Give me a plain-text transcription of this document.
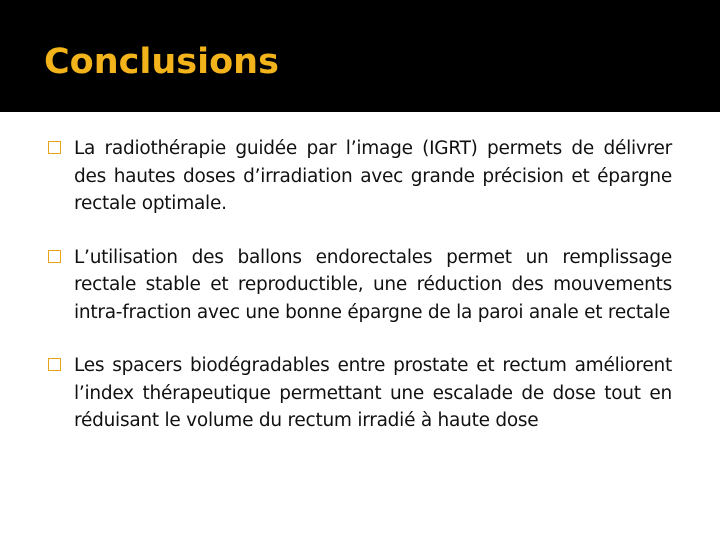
Conclusions
La radiothérapie guidée par l’image (IGRT) permets de délivrer des hautes doses d’irradiation avec grande précision et épargne rectale optimale.
L’utilisation des ballons endorectales permet un remplissage rectale stable et reproductible, une réduction des mouvements intra-fraction avec une bonne épargne de la paroi anale et rectale
Les spacers biodégradables entre prostate et rectum améliorent l’index thérapeutique permettant une escalade de dose tout en réduisant le volume du rectum irradié à haute dose
